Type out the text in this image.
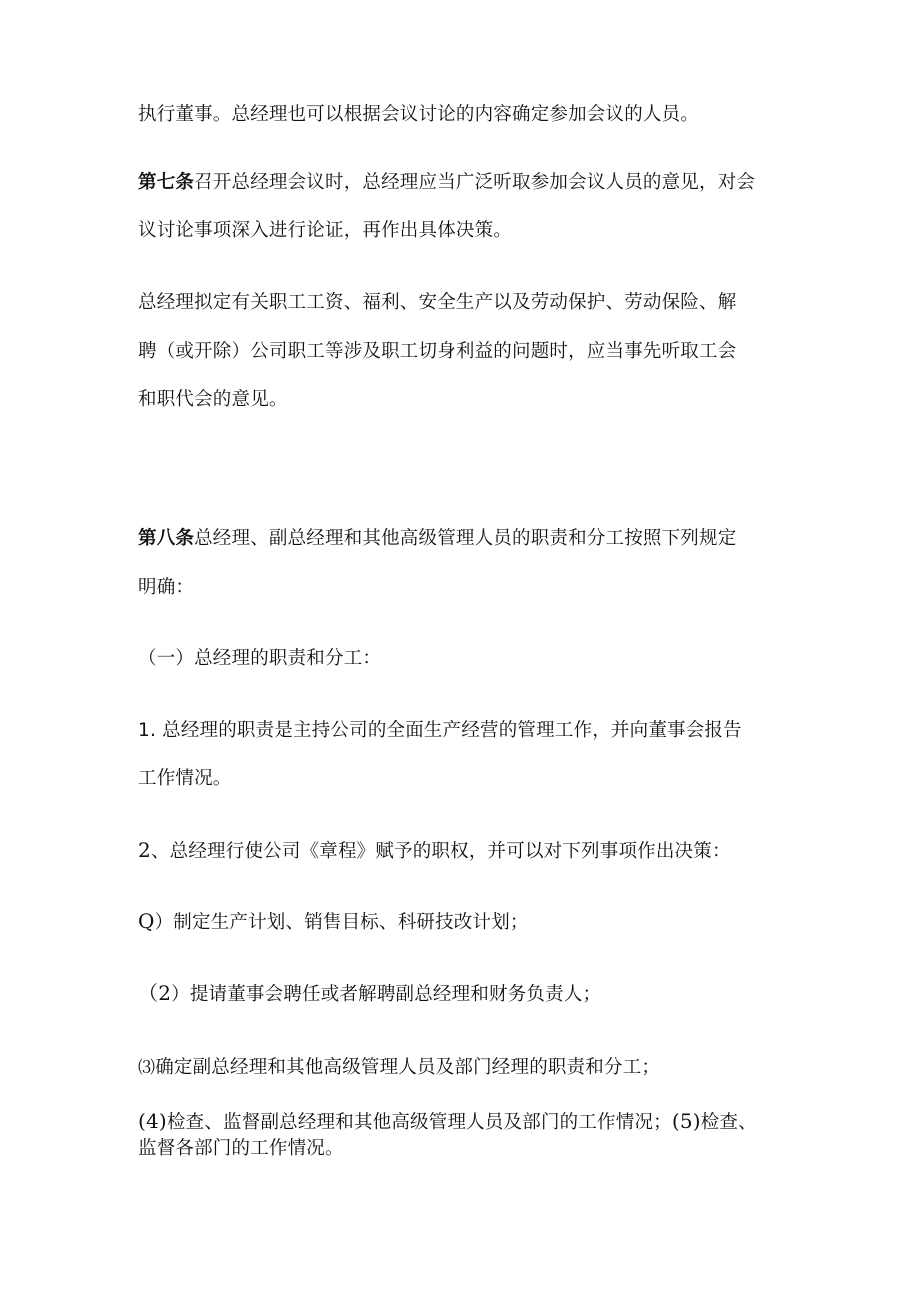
执行董事。总经理也可以根据会议讨论的内容确定参加会议的人员。
第七条召开总经理会议时，总经理应当广泛听取参加会议人员的意见，对会
议讨论事项深入进行论证，再作出具体决策。
总经理拟定有关职工工资、福利、安全生产以及劳动保护、劳动保险、解
聘（或开除）公司职工等涉及职工切身利益的问题时，应当事先听取工会
和职代会的意见。
第八条总经理、副总经理和其他高级管理人员的职责和分工按照下列规定
明确：
（一）总经理的职责和分工：
1. 总经理的职责是主持公司的全面生产经营的管理工作，并向董事会报告
工作情况。
2、总经理行使公司《章程》赋予的职权，并可以对下列事项作出决策：
Q）制定生产计划、销售目标、科研技改计划；
（2）提请董事会聘任或者解聘副总经理和财务负责人；
⑶确定副总经理和其他高级管理人员及部门经理的职责和分工；
(4)检查、监督副总经理和其他高级管理人员及部门的工作情况；(5)检查、
监督各部门的工作情况。
